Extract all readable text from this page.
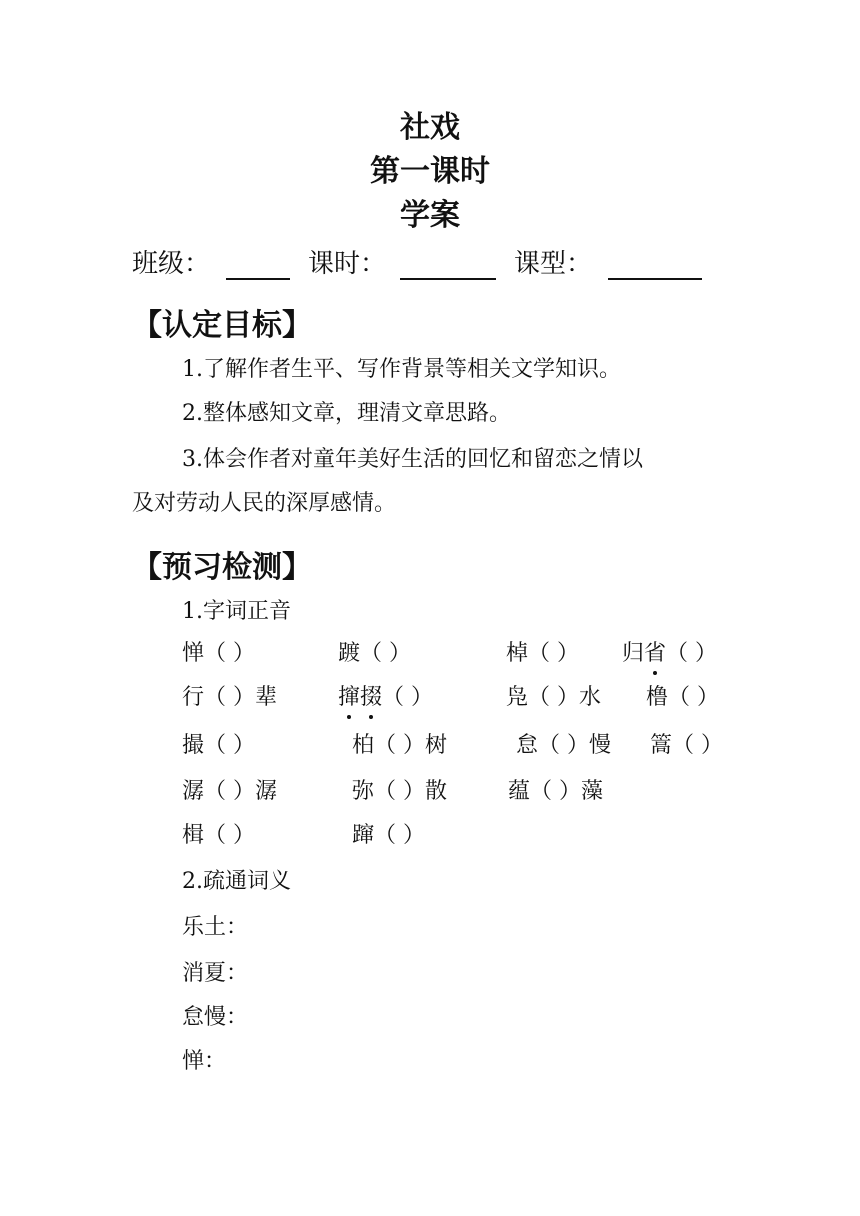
社戏
第一课时
学案
班级：	课时：	课型：
【认定目标】
1.了解作者生平、写作背景等相关文学知识。
2.整体感知文章，理清文章思路。
3.体会作者对童年美好生活的回忆和留恋之情以
及对劳动人民的深厚感情。
【预习检测】
1.字词正音
惮（ ）	踱（ ）	棹（ ） 归省（ ）
行（ ）辈	撺掇（ ）	凫（ ）水 橹（ ）
撮（ ）	柏（ ）树	怠（ ）慢 篙（ ）
潺（ ）潺	弥（ ）散	蕴（ ）藻
楫（ ）	蹿（ ）
2.疏通词义
乐土：
消夏：
怠慢：
惮：
